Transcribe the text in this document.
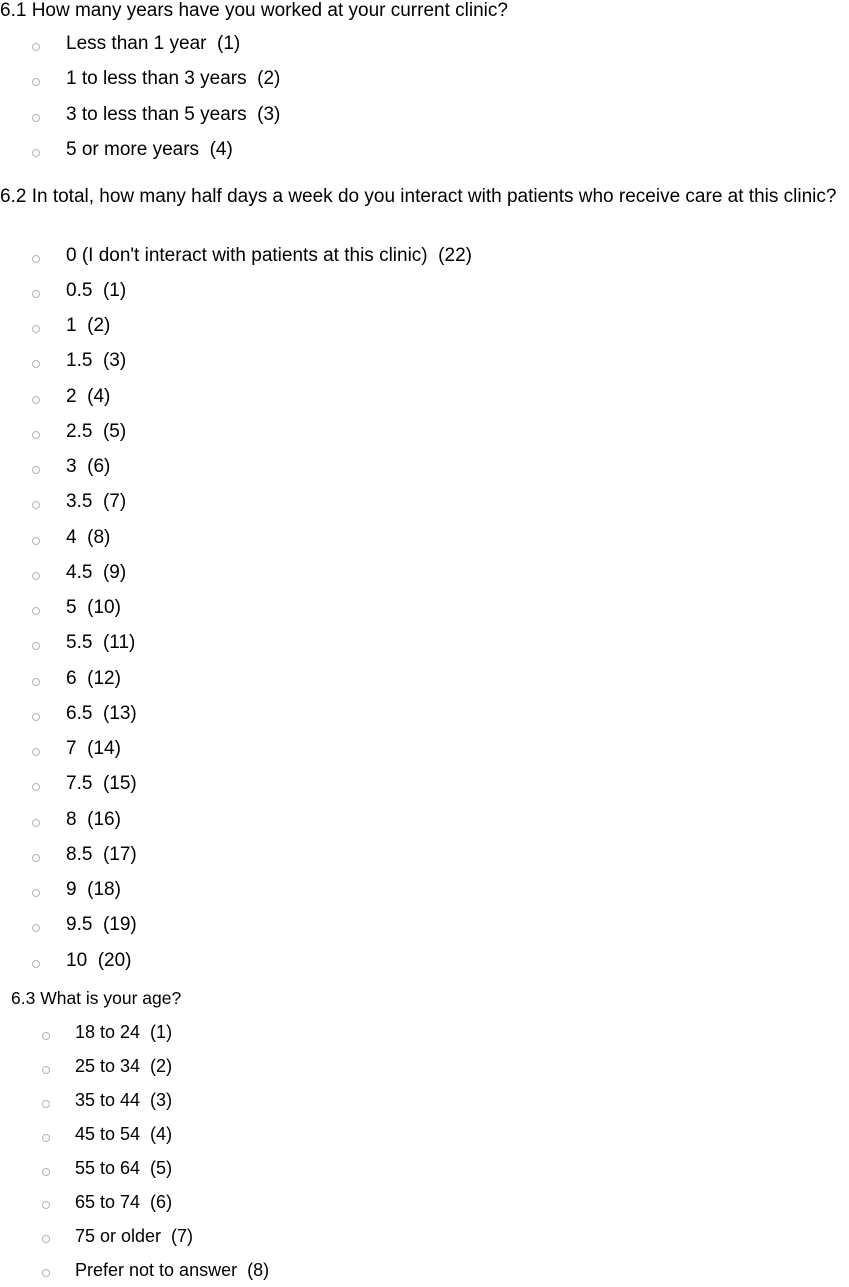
6.1 How many years have you worked at your current clinic?

Less than 1 year  (1)
1 to less than 3 years  (2)
3 to less than 5 years  (3)
5 or more years  (4)

6.2 In total, how many half days a week do you interact with patients who receive care at this clinic?

0 (I don't interact with patients at this clinic)  (22)
0.5  (1)
1  (2)
1.5  (3)
2  (4)
2.5  (5)
3  (6)
3.5  (7)
4  (8)
4.5  (9)
5  (10)
5.5  (11)
6  (12)
6.5  (13)
7  (14)
7.5  (15)
8  (16)
8.5  (17)
9  (18)
9.5  (19)
10  (20)

6.3 What is your age?

18 to 24  (1)
25 to 34  (2)
35 to 44  (3)
45 to 54  (4)
55 to 64  (5)
65 to 74  (6)
75 or older  (7)
Prefer not to answer  (8)
